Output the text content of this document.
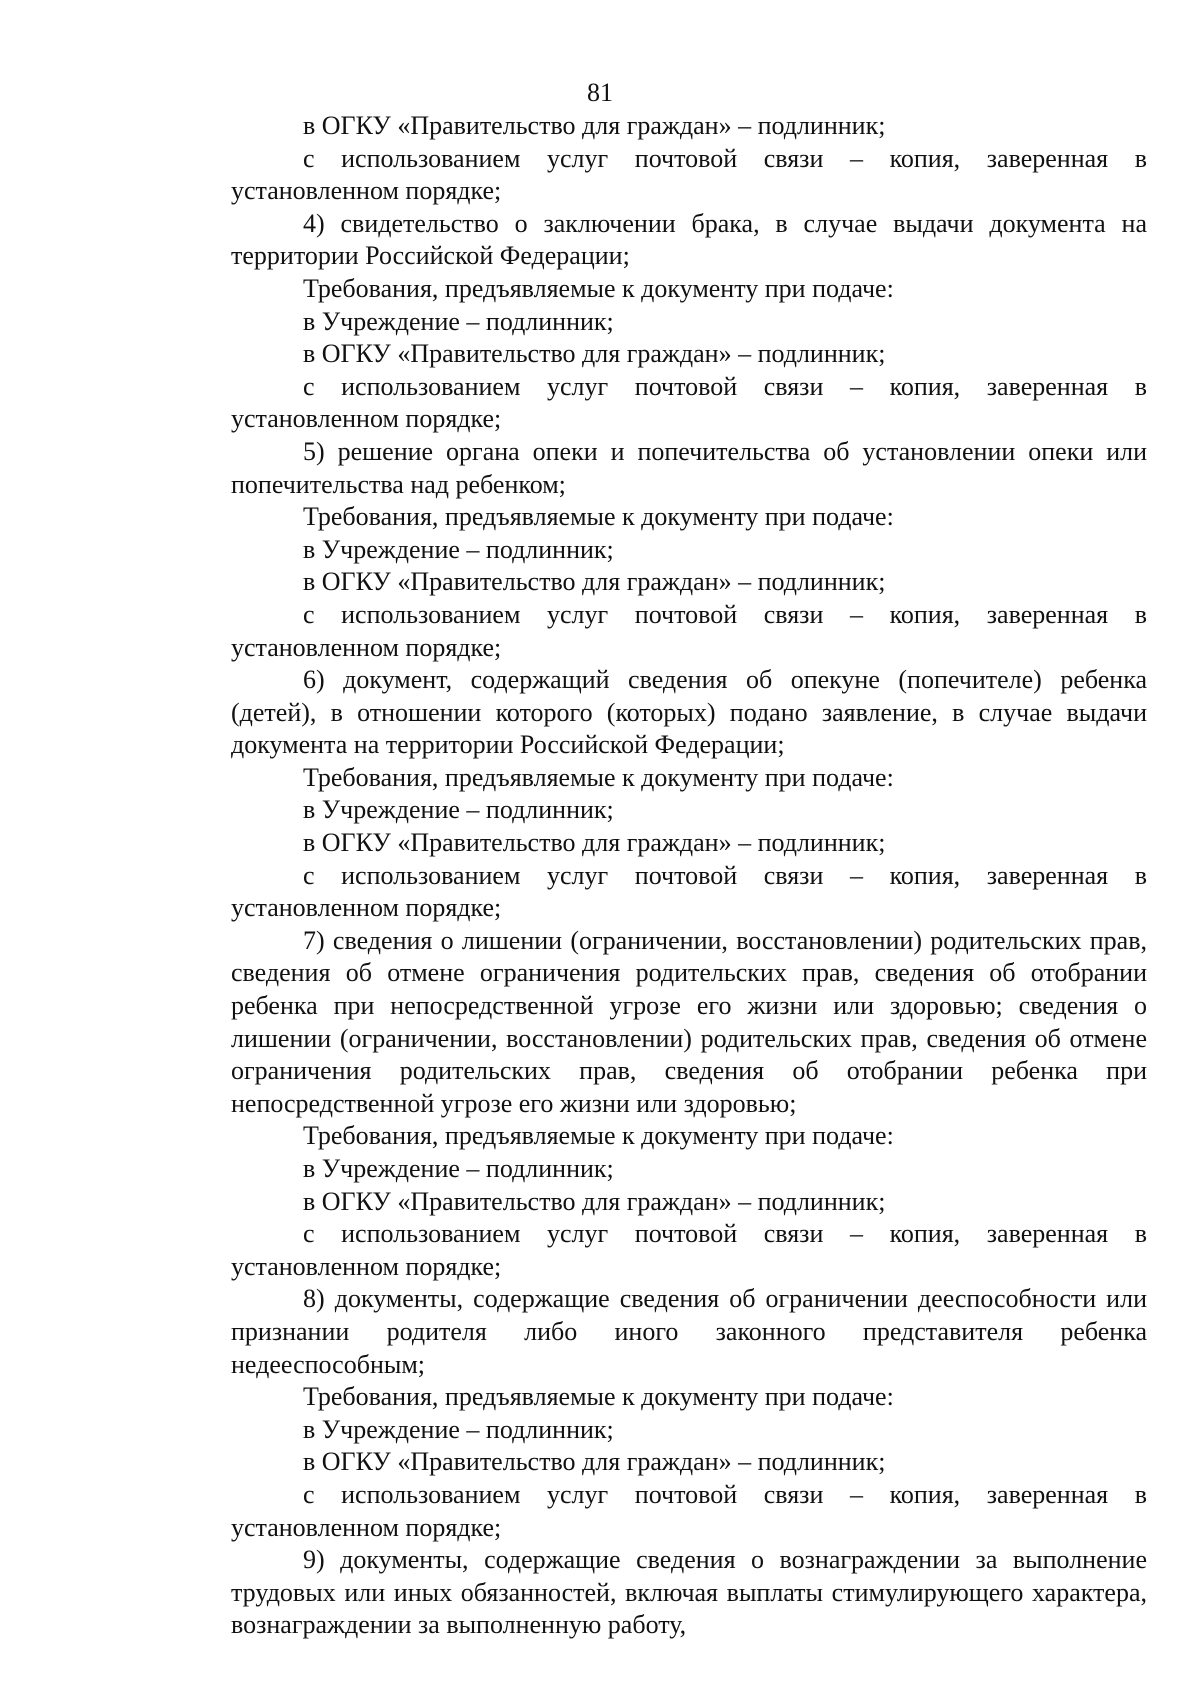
81

в ОГКУ «Правительство для граждан» – подлинник;

с использованием услуг почтовой связи – копия, заверенная в установленном порядке;

4) свидетельство о заключении брака, в случае выдачи документа на территории Российской Федерации;

Требования, предъявляемые к документу при подаче:

в Учреждение – подлинник;

в ОГКУ «Правительство для граждан» – подлинник;

с использованием услуг почтовой связи – копия, заверенная в установленном порядке;

5) решение органа опеки и попечительства об установлении опеки или попечительства над ребенком;

Требования, предъявляемые к документу при подаче:

в Учреждение – подлинник;

в ОГКУ «Правительство для граждан» – подлинник;

с использованием услуг почтовой связи – копия, заверенная в установленном порядке;

6) документ, содержащий сведения об опекуне (попечителе) ребенка (детей), в отношении которого (которых) подано заявление, в случае выдачи документа на территории Российской Федерации;

Требования, предъявляемые к документу при подаче:

в Учреждение – подлинник;

в ОГКУ «Правительство для граждан» – подлинник;

с использованием услуг почтовой связи – копия, заверенная в установленном порядке;

7) сведения о лишении (ограничении, восстановлении) родительских прав, сведения об отмене ограничения родительских прав, сведения об отобрании ребенка при непосредственной угрозе его жизни или здоровью; сведения о лишении (ограничении, восстановлении) родительских прав, сведения об отмене ограничения родительских прав, сведения об отобрании ребенка при непосредственной угрозе его жизни или здоровью;

Требования, предъявляемые к документу при подаче:

в Учреждение – подлинник;

в ОГКУ «Правительство для граждан» – подлинник;

с использованием услуг почтовой связи – копия, заверенная в установленном порядке;

8) документы, содержащие сведения об ограничении дееспособности или признании родителя либо иного законного представителя ребенка недееспособным;

Требования, предъявляемые к документу при подаче:

в Учреждение – подлинник;

в ОГКУ «Правительство для граждан» – подлинник;

с использованием услуг почтовой связи – копия, заверенная в установленном порядке;

9) документы, содержащие сведения о вознаграждении за выполнение трудовых или иных обязанностей, включая выплаты стимулирующего характера, вознаграждении за выполненную работу,
